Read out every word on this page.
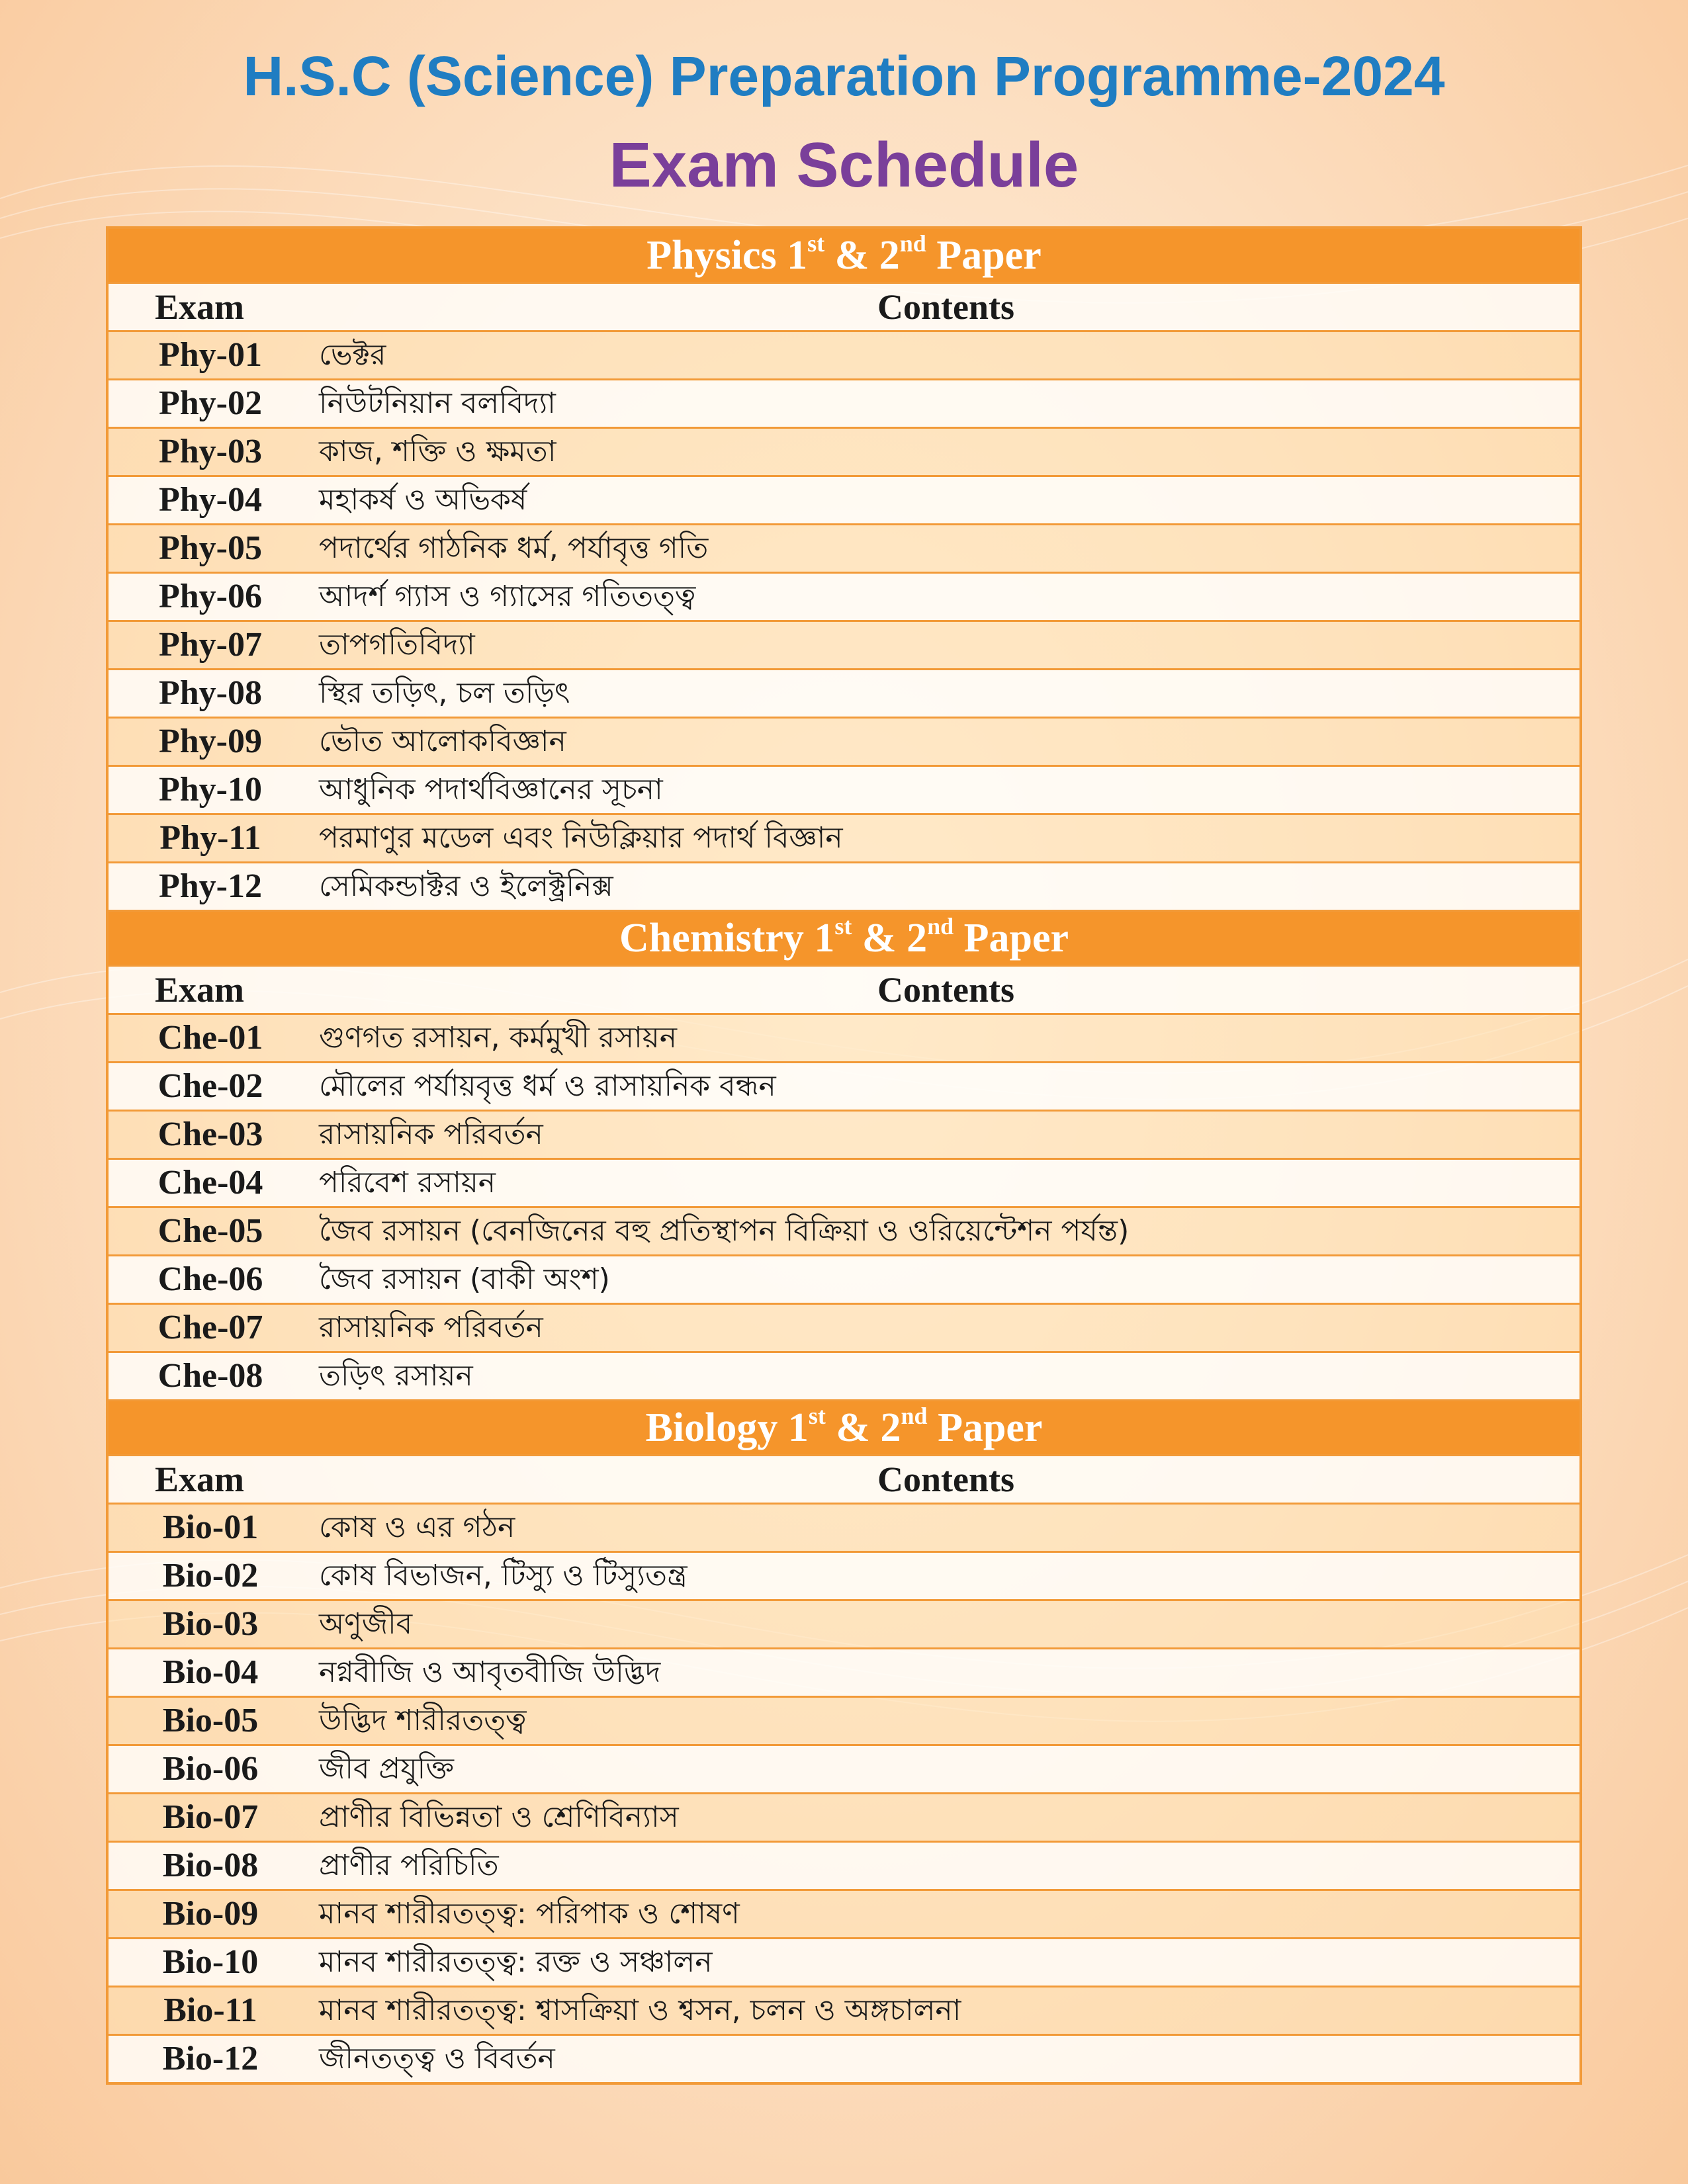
H.S.C (Science) Preparation Programme-2024
Exam Schedule
Physics 1st & 2nd Paper
Exam	Contents
Phy-01	ভেক্টর
Phy-02	নিউটনিয়ান বলবিদ্যা
Phy-03	কাজ, শক্তি ও ক্ষমতা
Phy-04	মহাকর্ষ ও অভিকর্ষ
Phy-05	পদার্থের গাঠনিক ধর্ম, পর্যাবৃত্ত গতি
Phy-06	আদর্শ গ্যাস ও গ্যাসের গতিতত্ত্ব
Phy-07	তাপগতিবিদ্যা
Phy-08	স্থির তড়িৎ, চল তড়িৎ
Phy-09	ভৌত আলোকবিজ্ঞান
Phy-10	আধুনিক পদার্থবিজ্ঞানের সূচনা
Phy-11	পরমাণুর মডেল এবং নিউক্লিয়ার পদার্থ বিজ্ঞান
Phy-12	সেমিকন্ডাক্টর ও ইলেক্ট্রনিক্স
Chemistry 1st & 2nd Paper
Exam	Contents
Che-01	গুণগত রসায়ন, কর্মমুখী রসায়ন
Che-02	মৌলের পর্যায়বৃত্ত ধর্ম ও রাসায়নিক বন্ধন
Che-03	রাসায়নিক পরিবর্তন
Che-04	পরিবেশ রসায়ন
Che-05	জৈব রসায়ন (বেনজিনের বহু প্রতিস্থাপন বিক্রিয়া ও ওরিয়েন্টেশন পর্যন্ত)
Che-06	জৈব রসায়ন (বাকী অংশ)
Che-07	রাসায়নিক পরিবর্তন
Che-08	তড়িৎ রসায়ন
Biology 1st & 2nd Paper
Exam	Contents
Bio-01	কোষ ও এর গঠন
Bio-02	কোষ বিভাজন, টিস্যু ও টিস্যুতন্ত্র
Bio-03	অণুজীব
Bio-04	নগ্নবীজি ও আবৃতবীজি উদ্ভিদ
Bio-05	উদ্ভিদ শারীরতত্ত্ব
Bio-06	জীব প্রযুক্তি
Bio-07	প্রাণীর বিভিন্নতা ও শ্রেণিবিন্যাস
Bio-08	প্রাণীর পরিচিতি
Bio-09	মানব শারীরতত্ত্ব: পরিপাক ও শোষণ
Bio-10	মানব শারীরতত্ত্ব: রক্ত ও সঞ্চালন
Bio-11	মানব শারীরতত্ত্ব: শ্বাসক্রিয়া ও শ্বসন, চলন ও অঙ্গচালনা
Bio-12	জীনতত্ত্ব ও বিবর্তন
